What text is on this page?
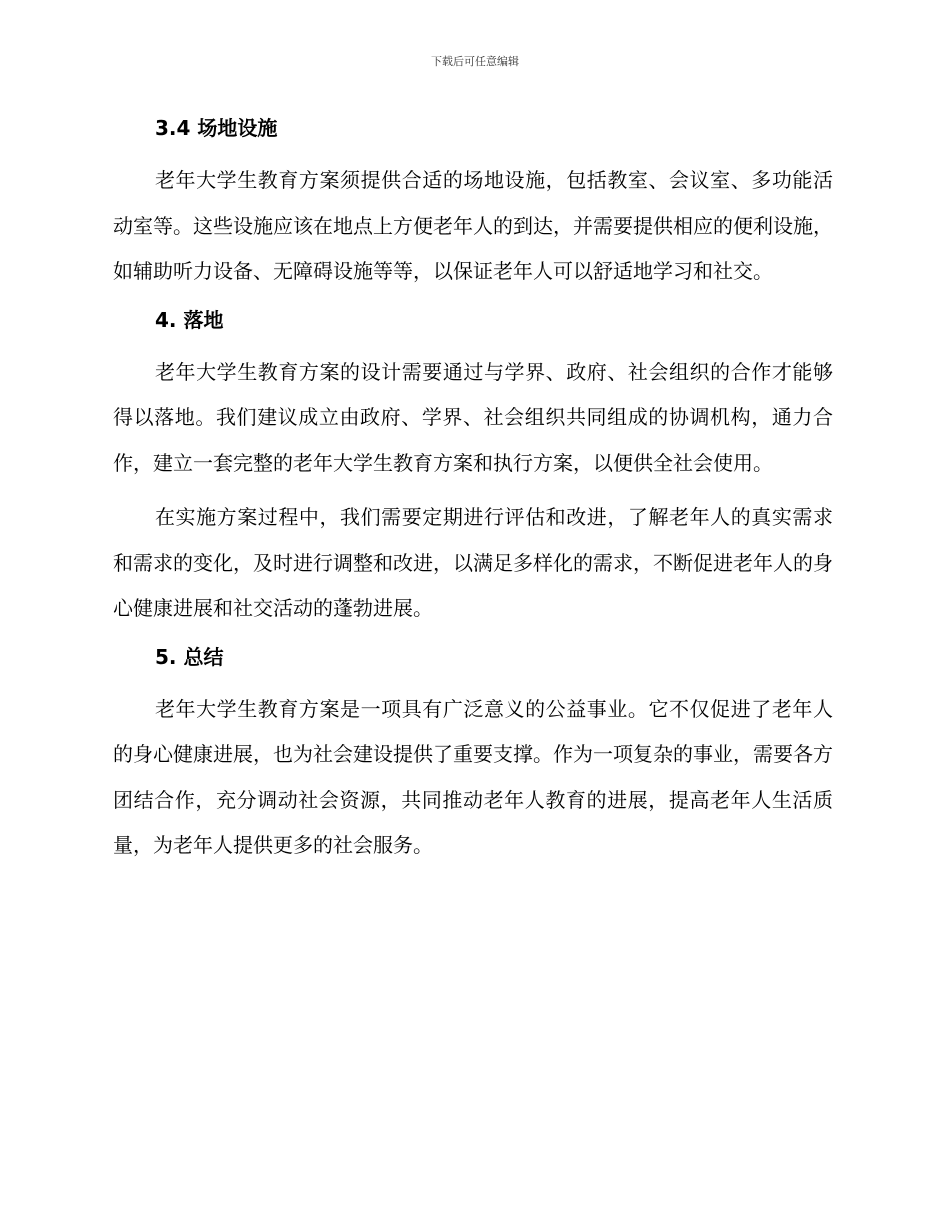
下载后可任意编辑
3.4 场地设施

老年大学生教育方案须提供合适的场地设施，包括教室、会议室、多功能活动室等。这些设施应该在地点上方便老年人的到达，并需要提供相应的便利设施，如辅助听力设备、无障碍设施等等，以保证老年人可以舒适地学习和社交。

4. 落地

老年大学生教育方案的设计需要通过与学界、政府、社会组织的合作才能够得以落地。我们建议成立由政府、学界、社会组织共同组成的协调机构，通力合作，建立一套完整的老年大学生教育方案和执行方案，以便供全社会使用。

在实施方案过程中，我们需要定期进行评估和改进，了解老年人的真实需求和需求的变化，及时进行调整和改进，以满足多样化的需求，不断促进老年人的身心健康进展和社交活动的蓬勃进展。

5. 总结

老年大学生教育方案是一项具有广泛意义的公益事业。它不仅促进了老年人的身心健康进展，也为社会建设提供了重要支撑。作为一项复杂的事业，需要各方团结合作，充分调动社会资源，共同推动老年人教育的进展，提高老年人生活质量，为老年人提供更多的社会服务。
